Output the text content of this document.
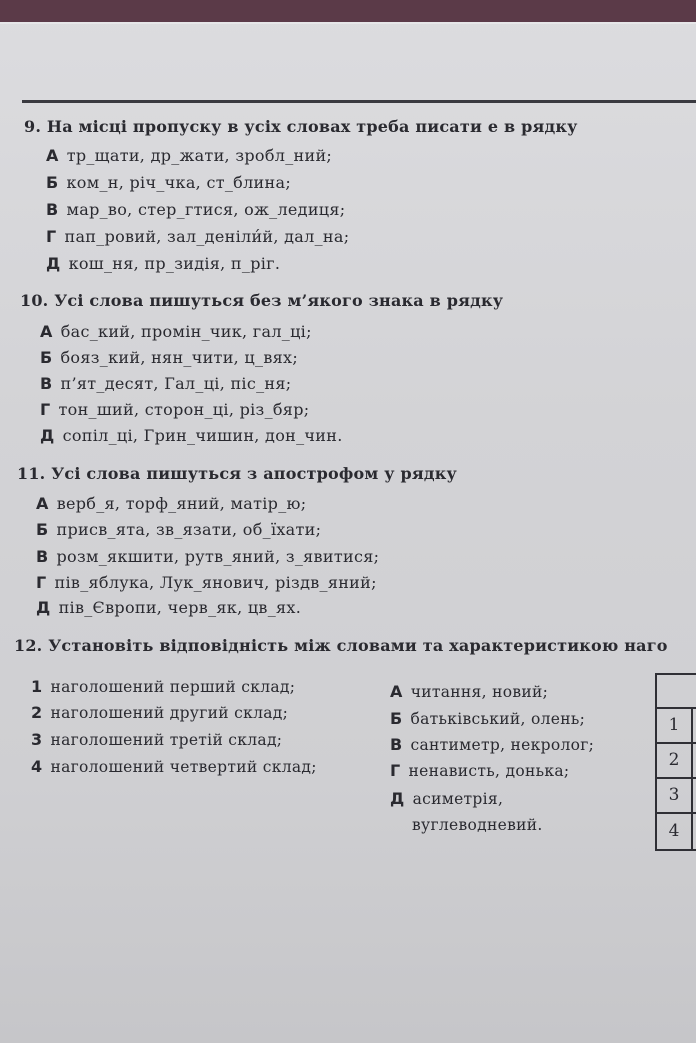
9. На місці пропуску в усіх словах треба писати е в рядку
А тр_щати, др_жати, зробл_ний;
Б ком_н, річ_чка, ст_блина;
В мар_во, стер_гтися, ож_ледиця;
Г пап_ровий, зал_деніли́й, дал_на;
Д кош_ня, пр_зидія, п_ріг.
10. Усі слова пишуться без м’якого знака в рядку
А бас_кий, промін_чик, гал_ці;
Б бояз_кий, нян_чити, ц_вях;
В п’ят_десят, Гал_ці, піс_ня;
Г тон_ший, сторон_ці, різ_бяр;
Д сопіл_ці, Грин_чишин, дон_чин.
11. Усі слова пишуться з апострофом у рядку
А верб_я, торф_яний, матір_ю;
Б присв_ята, зв_язати, об_їхати;
В розм_якшити, рутв_яний, з_явитися;
Г пів_яблука, Лук_янович, різдв_яний;
Д пів_Європи, черв_як, цв_ях.
12. Установіть відповідність між словами та характеристикою наго
1 наголошений перший склад;
2 наголошений другий склад;
3 наголошений третій склад;
4 наголошений четвертий склад;
А читання, новий;
Б батьківський, олень;
В сантиметр, некролог;
Г ненависть, донька;
Д асиметрія,
вуглеводневий.
1
2
3
4
